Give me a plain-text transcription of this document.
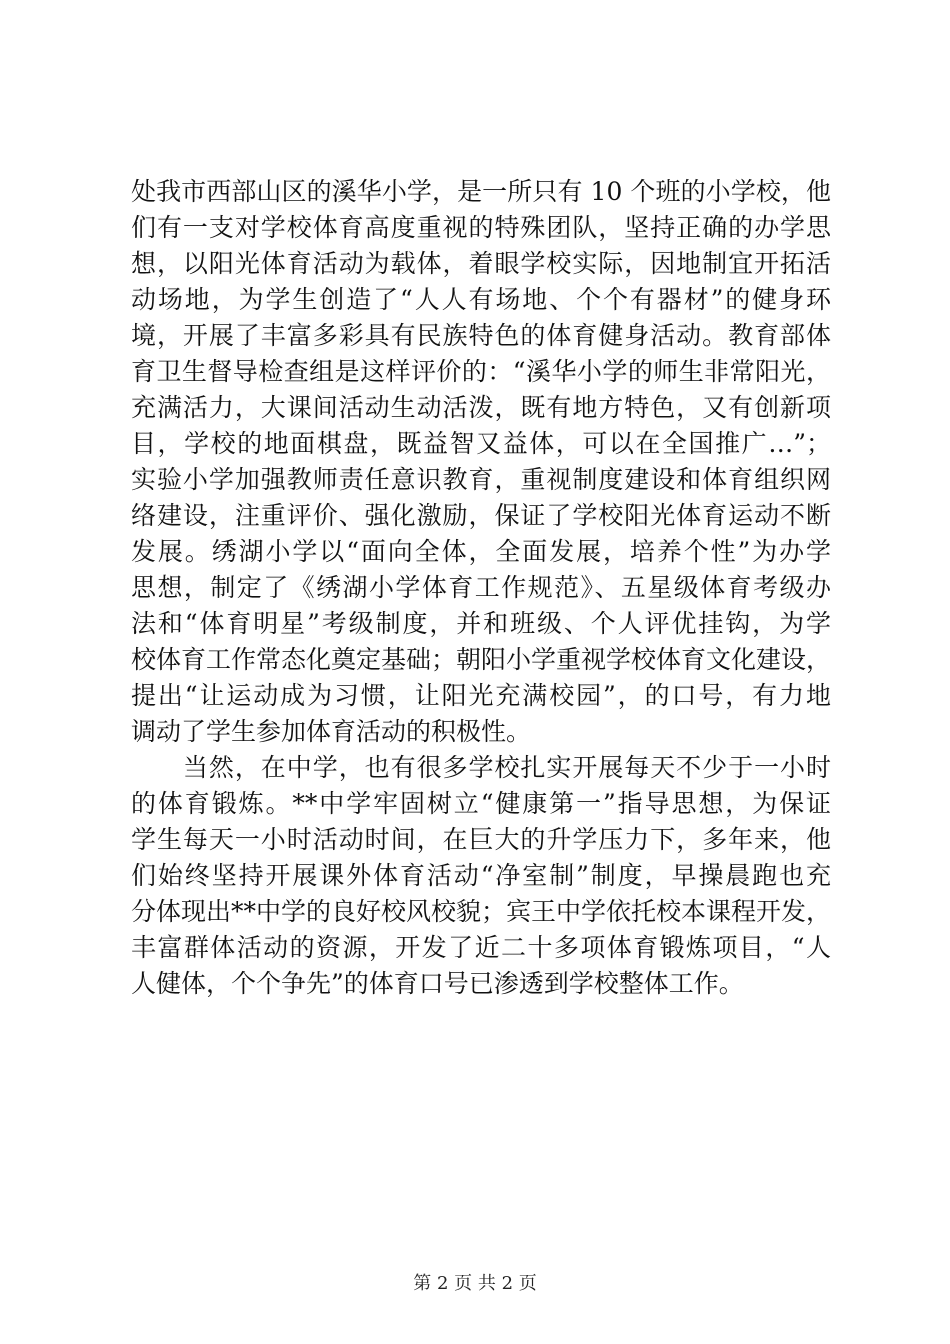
处我市西部山区的溪华小学，是一所只有 10 个班的小学校，他
们有一支对学校体育高度重视的特殊团队，坚持正确的办学思
想，以阳光体育活动为载体，着眼学校实际，因地制宜开拓活
动场地，为学生创造了“人人有场地、个个有器材”的健身环
境，开展了丰富多彩具有民族特色的体育健身活动。教育部体
育卫生督导检查组是这样评价的：“溪华小学的师生非常阳光，
充满活力，大课间活动生动活泼，既有地方特色，又有创新项
目，学校的地面棋盘，既益智又益体，可以在全国推广…”；
实验小学加强教师责任意识教育，重视制度建设和体育组织网
络建设，注重评价、强化激励，保证了学校阳光体育运动不断
发展。绣湖小学以“面向全体，全面发展，培养个性”为办学
思想，制定了《绣湖小学体育工作规范》、五星级体育考级办
法和“体育明星”考级制度，并和班级、个人评优挂钩，为学
校体育工作常态化奠定基础；朝阳小学重视学校体育文化建设，
提出“让运动成为习惯，让阳光充满校园”，的口号，有力地
调动了学生参加体育活动的积极性。
　　当然，在中学，也有很多学校扎实开展每天不少于一小时
的体育锻炼。**中学牢固树立“健康第一”指导思想，为保证
学生每天一小时活动时间，在巨大的升学压力下，多年来，他
们始终坚持开展课外体育活动“净室制”制度，早操晨跑也充
分体现出**中学的良好校风校貌；宾王中学依托校本课程开发，
丰富群体活动的资源，开发了近二十多项体育锻炼项目，“人
人健体，个个争先”的体育口号已渗透到学校整体工作。
第 2 页 共 2 页
